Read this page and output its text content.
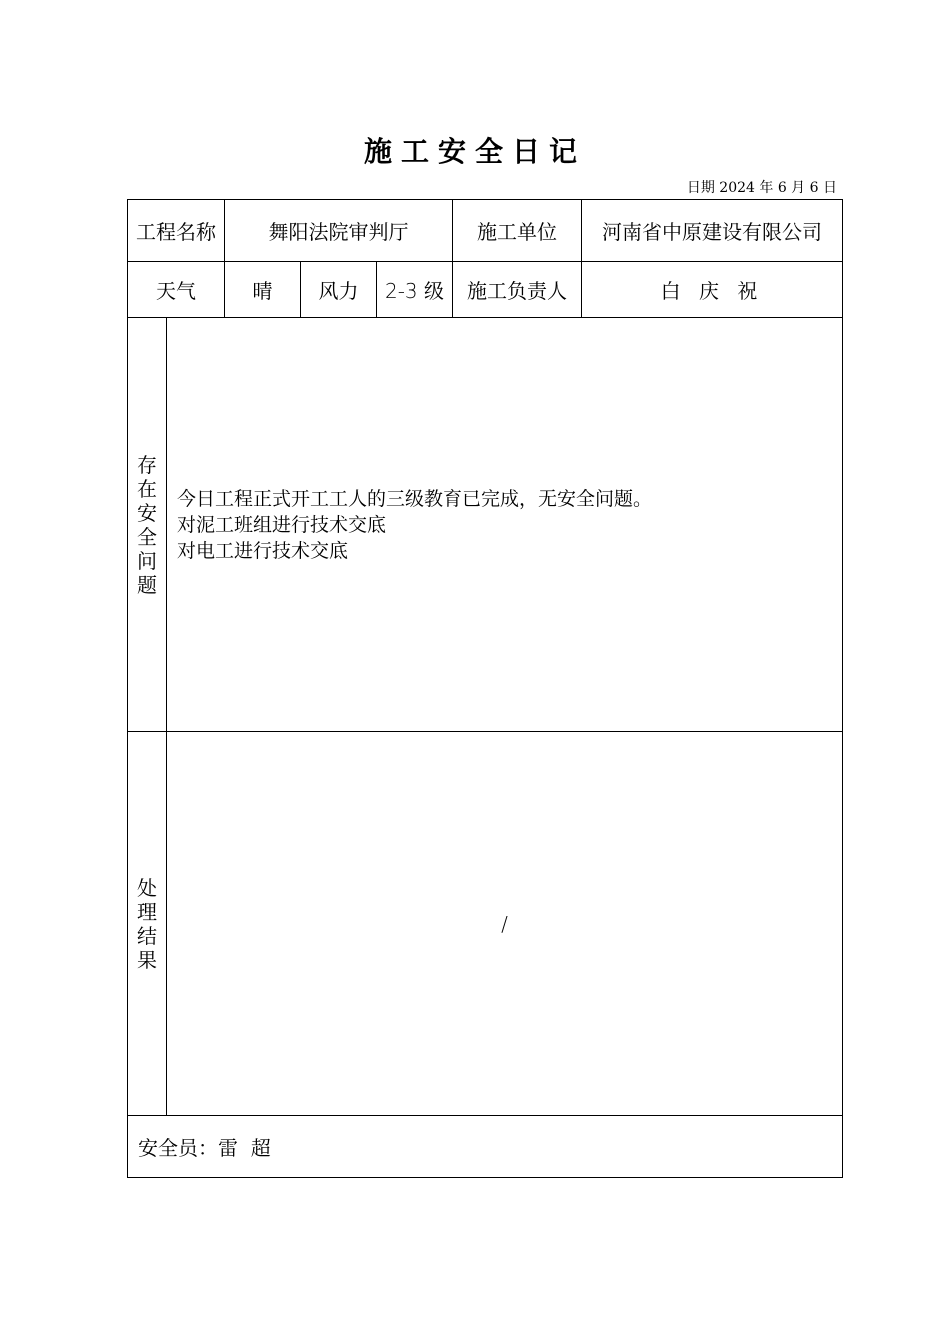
施工安全日记
日期 2024 年 6 月 6 日
工程名称		舞阳法院审判厅			施工单位	河南省中原建设有限公司
天气		晴	风力	2-3 级	施工负责人	白 庆 祝
存在安全问题	今日工程正式开工工人的三级教育已完成，无安全问题。
对泥工班组进行技术交底
对电工进行技术交底					

处理结果	/					
安全员：雷  超						
